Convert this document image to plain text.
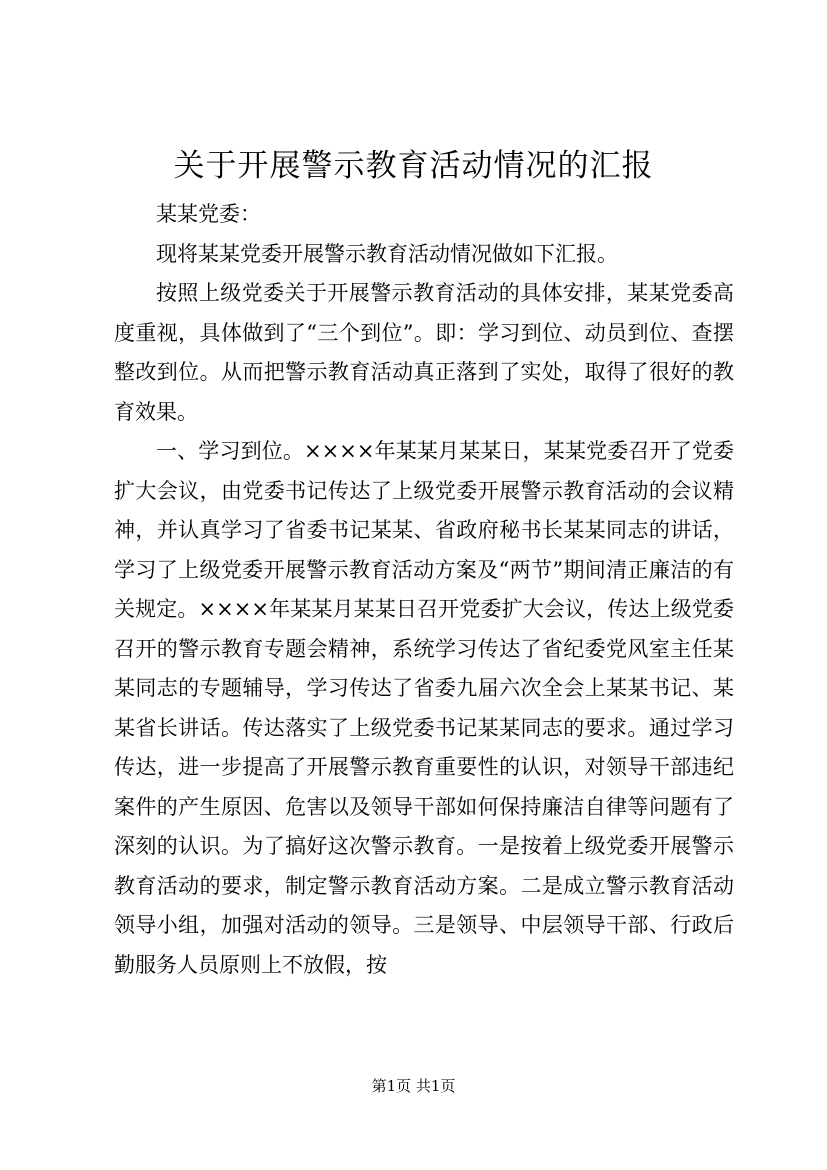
关于开展警示教育活动情况的汇报

某某党委：

现将某某党委开展警示教育活动情况做如下汇报。

按照上级党委关于开展警示教育活动的具体安排，某某党委高度重视，具体做到了“三个到位”。即：学习到位、动员到位、查摆整改到位。从而把警示教育活动真正落到了实处，取得了很好的教育效果。

一、学习到位。××××年某某月某某日，某某党委召开了党委扩大会议，由党委书记传达了上级党委开展警示教育活动的会议精神，并认真学习了省委书记某某、省政府秘书长某某同志的讲话，学习了上级党委开展警示教育活动方案及“两节”期间清正廉洁的有关规定。××××年某某月某某日召开党委扩大会议，传达上级党委召开的警示教育专题会精神，系统学习传达了省纪委党风室主任某某同志的专题辅导，学习传达了省委九届六次全会上某某书记、某某省长讲话。传达落实了上级党委书记某某同志的要求。通过学习传达，进一步提高了开展警示教育重要性的认识，对领导干部违纪案件的产生原因、危害以及领导干部如何保持廉洁自律等问题有了深刻的认识。为了搞好这次警示教育。一是按着上级党委开展警示教育活动的要求，制定警示教育活动方案。二是成立警示教育活动领导小组，加强对活动的领导。三是领导、中层领导干部、行政后勤服务人员原则上不放假，按

第1页 共1页
